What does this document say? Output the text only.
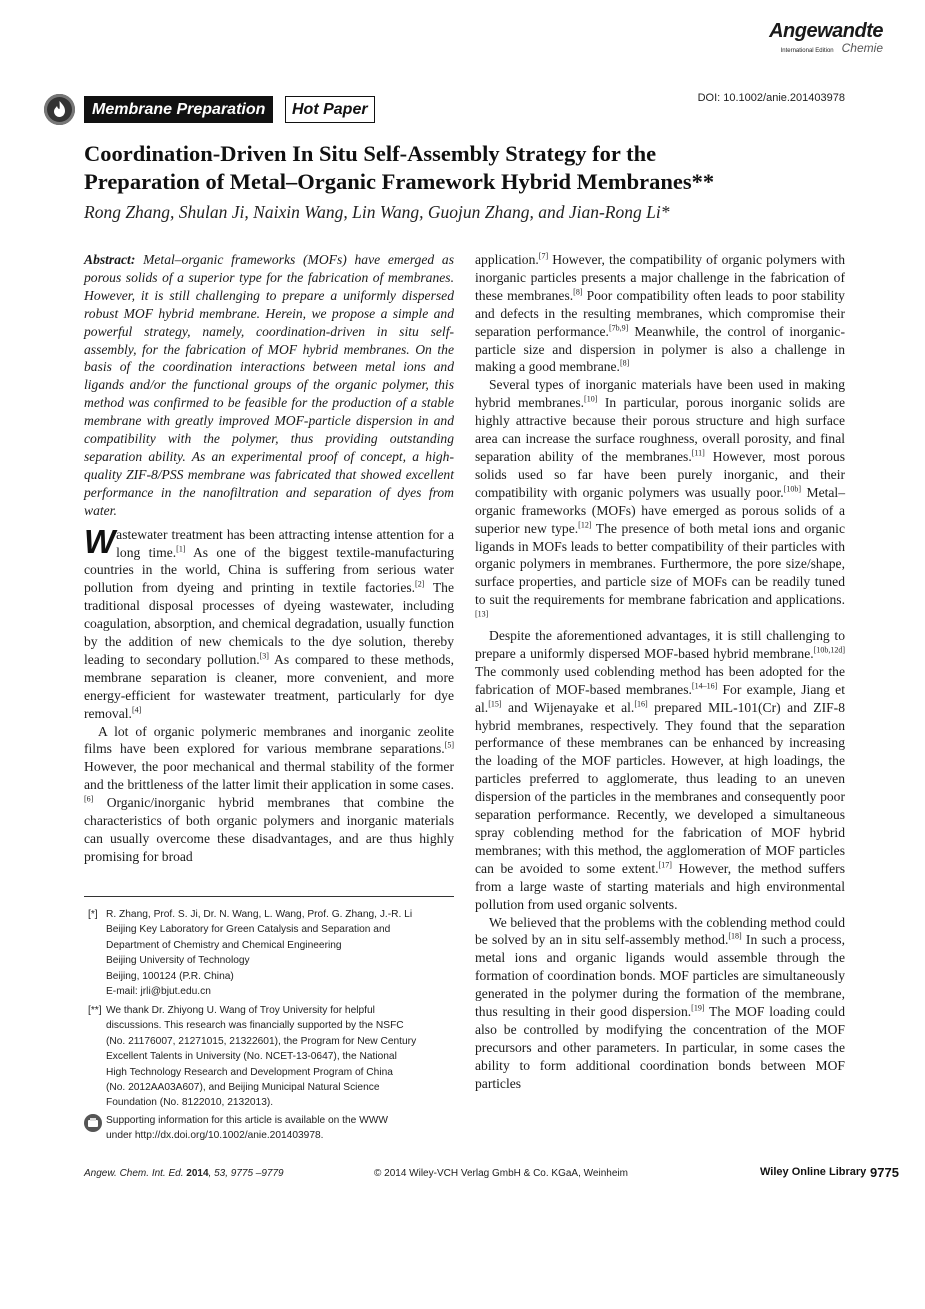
Angewandte
International Edition Chemie
DOI: 10.1002/anie.201403978
Membrane Preparation	Hot Paper
Coordination-Driven In Situ Self-Assembly Strategy for the
Preparation of Metal–Organic Framework Hybrid Membranes**
Rong Zhang, Shulan Ji, Naixin Wang, Lin Wang, Guojun Zhang, and Jian-Rong Li*

Abstract: Metal–organic frameworks (MOFs) have emerged as porous solids of a superior type for the fabrication of membranes. However, it is still challenging to prepare a uniformly dispersed robust MOF hybrid membrane. Herein, we propose a simple and powerful strategy, namely, coordination-driven in situ self-assembly, for the fabrication of MOF hybrid membranes. On the basis of the coordination interactions between metal ions and ligands and/or the functional groups of the organic polymer, this method was confirmed to be feasible for the production of a stable membrane with greatly improved MOF-particle dispersion in and compatibility with the polymer, thus providing outstanding separation ability. As an experimental proof of concept, a high-quality ZIF-8/PSS membrane was fabricated that showed excellent performance in the nanofiltration and separation of dyes from water.

Wastewater treatment has been attracting intense attention for a long time.[1] As one of the biggest textile-manufacturing countries in the world, China is suffering from serious water pollution from dyeing and printing in textile factories.[2] The traditional disposal processes of dyeing wastewater, including coagulation, absorption, and chemical degradation, usually function by the addition of new chemicals to the dye solution, thereby leading to secondary pollution.[3] As compared to these methods, membrane separation is cleaner, more convenient, and more energy-efficient for wastewater treatment, particularly for dye removal.[4]

A lot of organic polymeric membranes and inorganic zeolite films have been explored for various membrane separations.[5] However, the poor mechanical and thermal stability of the former and the brittleness of the latter limit their application in some cases.[6] Organic/inorganic hybrid membranes that combine the characteristics of both organic polymers and inorganic materials can usually overcome these disadvantages, and are thus highly promising for broad

[*] R. Zhang, Prof. S. Ji, Dr. N. Wang, L. Wang, Prof. G. Zhang, J.-R. Li
Beijing Key Laboratory for Green Catalysis and Separation and
Department of Chemistry and Chemical Engineering
Beijing University of Technology
Beijing, 100124 (P.R. China)
E-mail: jrli@bjut.edu.cn
[**] We thank Dr. Zhiyong U. Wang of Troy University for helpful
discussions. This research was financially supported by the NSFC
(No. 21176007, 21271015, 21322601), the Program for New Century
Excellent Talents in University (No. NCET-13-0647), the National
High Technology Research and Development Program of China
(No. 2012AA03A607), and Beijing Municipal Natural Science
Foundation (No. 8122010, 2132013).
Supporting information for this article is available on the WWW
under http://dx.doi.org/10.1002/anie.201403978.

application.[7] However, the compatibility of organic polymers with inorganic particles presents a major challenge in the fabrication of these membranes.[8] Poor compatibility often leads to poor stability and defects in the resulting membranes, which compromise their separation performance.[7b,9] Meanwhile, the control of inorganic-particle size and dispersion in polymer is also a challenge in making a good membrane.[8]

Several types of inorganic materials have been used in making hybrid membranes.[10] In particular, porous inorganic solids are highly attractive because their porous structure and high surface area can increase the surface roughness, overall porosity, and final separation ability of the membranes.[11] However, most porous solids used so far have been purely inorganic, and their compatibility with organic polymers was usually poor.[10b] Metal–organic frameworks (MOFs) have emerged as porous solids of a superior new type.[12] The presence of both metal ions and organic ligands in MOFs leads to better compatibility of their particles with organic polymers in membranes. Furthermore, the pore size/shape, surface properties, and particle size of MOFs can be readily tuned to suit the requirements for membrane fabrication and applications.[13]

Despite the aforementioned advantages, it is still challenging to prepare a uniformly dispersed MOF-based hybrid membrane.[10b,12d] The commonly used coblending method has been adopted for the fabrication of MOF-based membranes.[14–16] For example, Jiang et al.[15] and Wijenayake et al.[16] prepared MIL-101(Cr) and ZIF-8 hybrid membranes, respectively. They found that the separation performance of these membranes can be enhanced by increasing the loading of the MOF particles. However, at high loadings, the particles preferred to agglomerate, thus leading to an uneven dispersion of the particles in the membranes and consequently poor separation performance. Recently, we developed a simultaneous spray coblending method for the fabrication of MOF hybrid membranes; with this method, the agglomeration of MOF particles can be avoided to some extent.[17] However, the method suffers from a large waste of starting materials and high environmental pollution from used organic solvents.

We believed that the problems with the coblending method could be solved by an in situ self-assembly method.[18] In such a process, metal ions and organic ligands would assemble through the formation of coordination bonds. MOF particles are simultaneously generated in the polymer during the formation of the membrane, thus resulting in their good dispersion.[19] The MOF loading could also be controlled by modifying the concentration of the MOF precursors and other parameters. In particular, in some cases the ability to form additional coordination bonds between MOF particles

Angew. Chem. Int. Ed. 2014, 53, 9775 –9779	© 2014 Wiley-VCH Verlag GmbH & Co. KGaA, Weinheim	Wiley Online Library 9775
